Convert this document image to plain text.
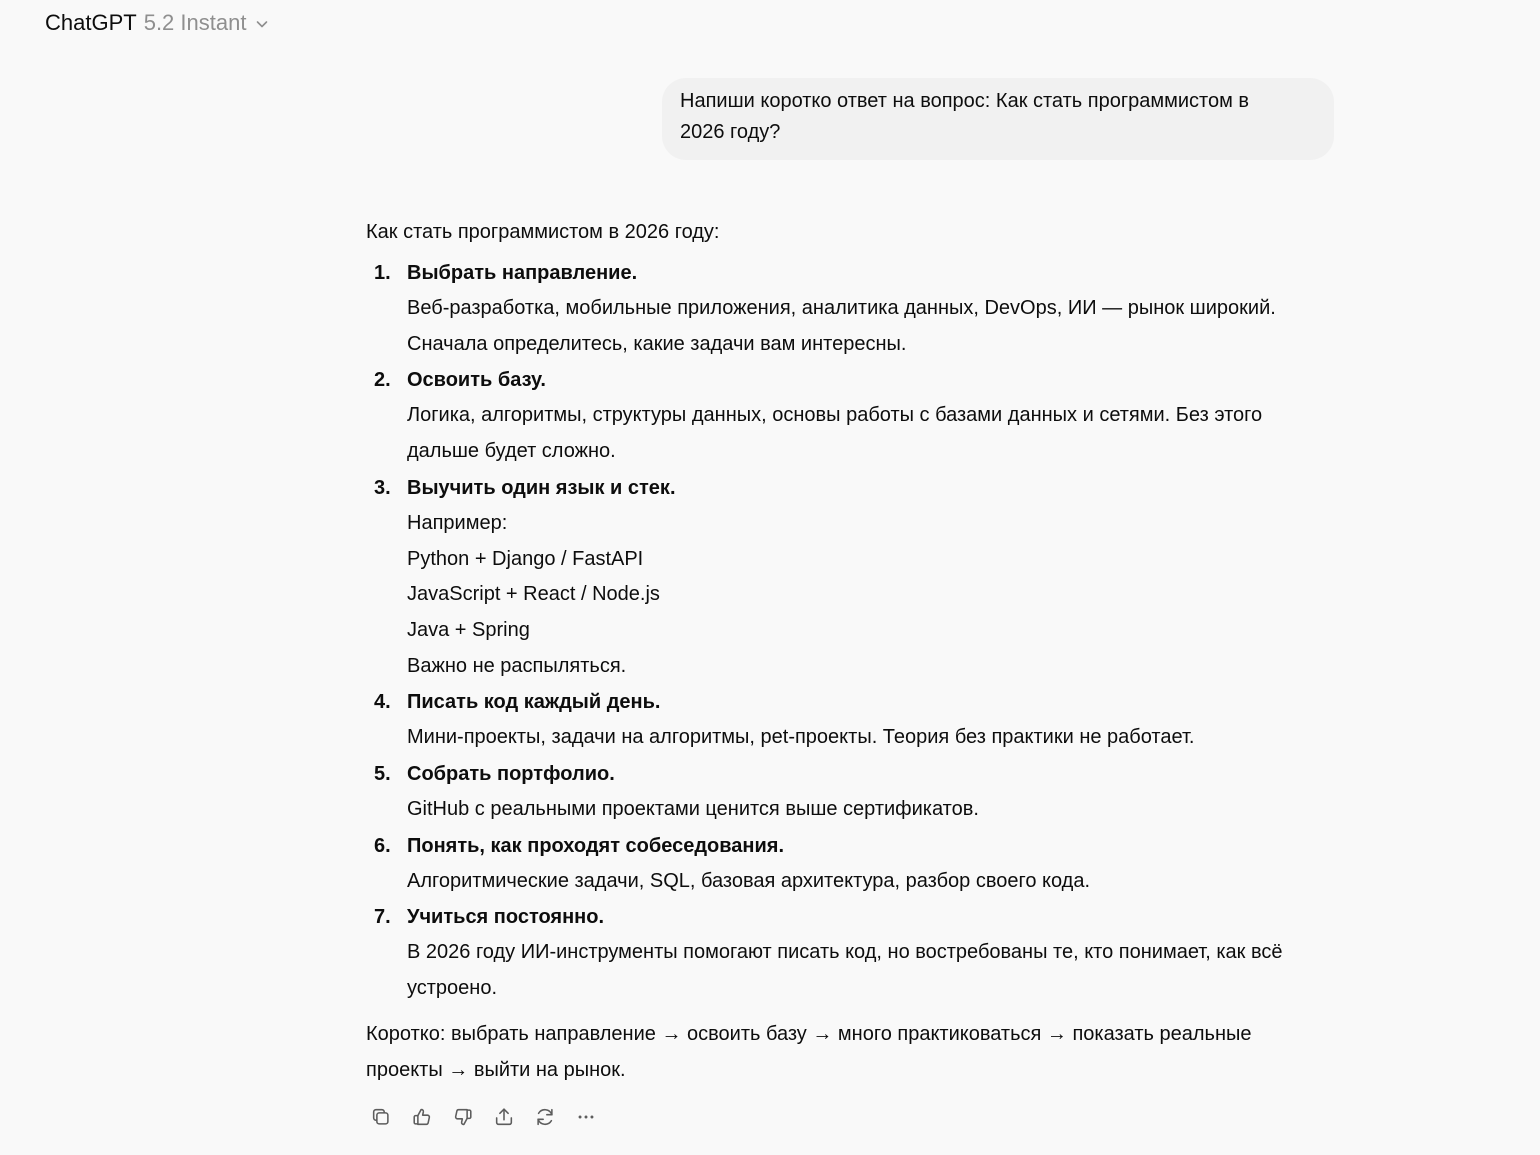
ChatGPT 5.2 Instant
Напиши коротко ответ на вопрос: Как стать программистом в
2026 году?
Как стать программистом в 2026 году:
1. Выбрать направление.
Веб-разработка, мобильные приложения, аналитика данных, DevOps, ИИ — рынок широкий.
Сначала определитесь, какие задачи вам интересны.
2. Освоить базу.
Логика, алгоритмы, структуры данных, основы работы с базами данных и сетями. Без этого
дальше будет сложно.
3. Выучить один язык и стек.
Например:
Python + Django / FastAPI
JavaScript + React / Node.js
Java + Spring
Важно не распыляться.
4. Писать код каждый день.
Мини-проекты, задачи на алгоритмы, pet-проекты. Теория без практики не работает.
5. Собрать портфолио.
GitHub с реальными проектами ценится выше сертификатов.
6. Понять, как проходят собеседования.
Алгоритмические задачи, SQL, базовая архитектура, разбор своего кода.
7. Учиться постоянно.
В 2026 году ИИ-инструменты помогают писать код, но востребованы те, кто понимает, как всё
устроено.
Коротко: выбрать направление → освоить базу → много практиковаться → показать реальные
проекты → выйти на рынок.
